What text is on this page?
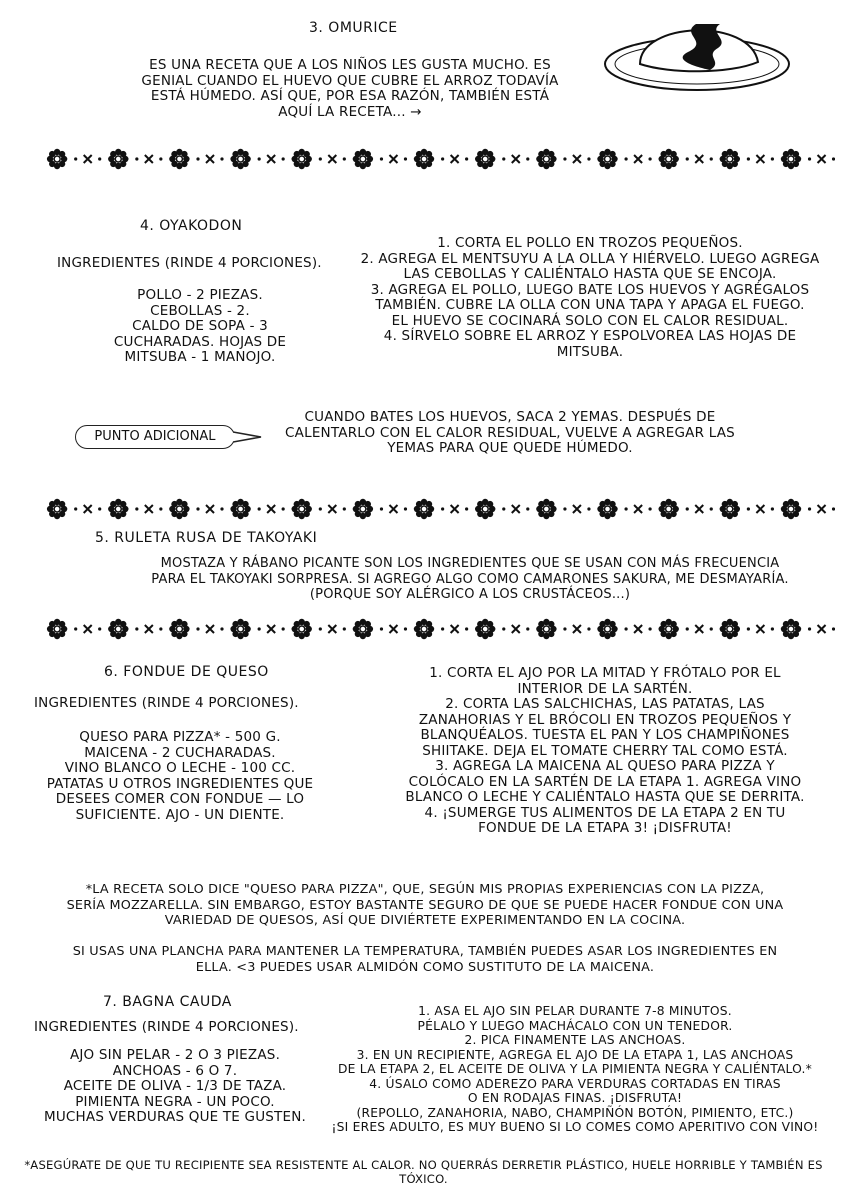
3. OMURICE
ES UNA RECETA QUE A LOS NIÑOS LES GUSTA MUCHO. ES
GENIAL CUANDO EL HUEVO QUE CUBRE EL ARROZ TODAVÍA
ESTÁ HÚMEDO. ASÍ QUE, POR ESA RAZÓN, TAMBIÉN ESTÁ
AQUÍ LA RECETA... →
4. OYAKODON
INGREDIENTES (RINDE 4 PORCIONES).
POLLO - 2 PIEZAS.
CEBOLLAS - 2.
CALDO DE SOPA - 3
CUCHARADAS. HOJAS DE
MITSUBA - 1 MANOJO.
1. CORTA EL POLLO EN TROZOS PEQUEÑOS.
2. AGREGA EL MENTSUYU A LA OLLA Y HIÉRVELO. LUEGO AGREGA
LAS CEBOLLAS Y CALIÉNTALO HASTA QUE SE ENCOJA.
3. AGREGA EL POLLO, LUEGO BATE LOS HUEVOS Y AGRÉGALOS
TAMBIÉN. CUBRE LA OLLA CON UNA TAPA Y APAGA EL FUEGO.
EL HUEVO SE COCINARÁ SOLO CON EL CALOR RESIDUAL.
4. SÍRVELO SOBRE EL ARROZ Y ESPOLVOREA LAS HOJAS DE
MITSUBA.
PUNTO ADICIONAL
CUANDO BATES LOS HUEVOS, SACA 2 YEMAS. DESPUÉS DE
CALENTARLO CON EL CALOR RESIDUAL, VUELVE A AGREGAR LAS
YEMAS PARA QUE QUEDE HÚMEDO.
5. RULETA RUSA DE TAKOYAKI
MOSTAZA Y RÁBANO PICANTE SON LOS INGREDIENTES QUE SE USAN CON MÁS FRECUENCIA
PARA EL TAKOYAKI SORPRESA. SI AGREGO ALGO COMO CAMARONES SAKURA, ME DESMAYARÍA.
(PORQUE SOY ALÉRGICO A LOS CRUSTÁCEOS...)
6. FONDUE DE QUESO
INGREDIENTES (RINDE 4 PORCIONES).
QUESO PARA PIZZA* - 500 G.
MAICENA - 2 CUCHARADAS.
VINO BLANCO O LECHE - 100 CC.
PATATAS U OTROS INGREDIENTES QUE
DESEES COMER CON FONDUE — LO
SUFICIENTE. AJO - UN DIENTE.
1. CORTA EL AJO POR LA MITAD Y FRÓTALO POR EL
INTERIOR DE LA SARTÉN.
2. CORTA LAS SALCHICHAS, LAS PATATAS, LAS
ZANAHORIAS Y EL BRÓCOLI EN TROZOS PEQUEÑOS Y
BLANQUÉALOS. TUESTA EL PAN Y LOS CHAMPIÑONES
SHIITAKE. DEJA EL TOMATE CHERRY TAL COMO ESTÁ.
3. AGREGA LA MAICENA AL QUESO PARA PIZZA Y
COLÓCALO EN LA SARTÉN DE LA ETAPA 1. AGREGA VINO
BLANCO O LECHE Y CALIÉNTALO HASTA QUE SE DERRITA.
4. ¡SUMERGE TUS ALIMENTOS DE LA ETAPA 2 EN TU
FONDUE DE LA ETAPA 3! ¡DISFRUTA!
*LA RECETA SOLO DICE "QUESO PARA PIZZA", QUE, SEGÚN MIS PROPIAS EXPERIENCIAS CON LA PIZZA,
SERÍA MOZZARELLA. SIN EMBARGO, ESTOY BASTANTE SEGURO DE QUE SE PUEDE HACER FONDUE CON UNA
VARIEDAD DE QUESOS, ASÍ QUE DIVIÉRTETE EXPERIMENTANDO EN LA COCINA.
SI USAS UNA PLANCHA PARA MANTENER LA TEMPERATURA, TAMBIÉN PUEDES ASAR LOS INGREDIENTES EN
ELLA. <3 PUEDES USAR ALMIDÓN COMO SUSTITUTO DE LA MAICENA.
7. BAGNA CAUDA
INGREDIENTES (RINDE 4 PORCIONES).
AJO SIN PELAR - 2 O 3 PIEZAS.
ANCHOAS - 6 O 7.
ACEITE DE OLIVA - 1/3 DE TAZA.
PIMIENTA NEGRA - UN POCO.
MUCHAS VERDURAS QUE TE GUSTEN.
1. ASA EL AJO SIN PELAR DURANTE 7-8 MINUTOS.
PÉLALO Y LUEGO MACHÁCALO CON UN TENEDOR.
2. PICA FINAMENTE LAS ANCHOAS.
3. EN UN RECIPIENTE, AGREGA EL AJO DE LA ETAPA 1, LAS ANCHOAS
DE LA ETAPA 2, EL ACEITE DE OLIVA Y LA PIMIENTA NEGRA Y CALIÉNTALO.*
4. ÚSALO COMO ADEREZO PARA VERDURAS CORTADAS EN TIRAS
O EN RODAJAS FINAS. ¡DISFRUTA!
(REPOLLO, ZANAHORIA, NABO, CHAMPIÑÓN BOTÓN, PIMIENTO, ETC.)
¡SI ERES ADULTO, ES MUY BUENO SI LO COMES COMO APERITIVO CON VINO!
*ASEGÚRATE DE QUE TU RECIPIENTE SEA RESISTENTE AL CALOR. NO QUERRÁS DERRETIR PLÁSTICO, HUELE HORRIBLE Y TAMBIÉN ES
TÓXICO.
